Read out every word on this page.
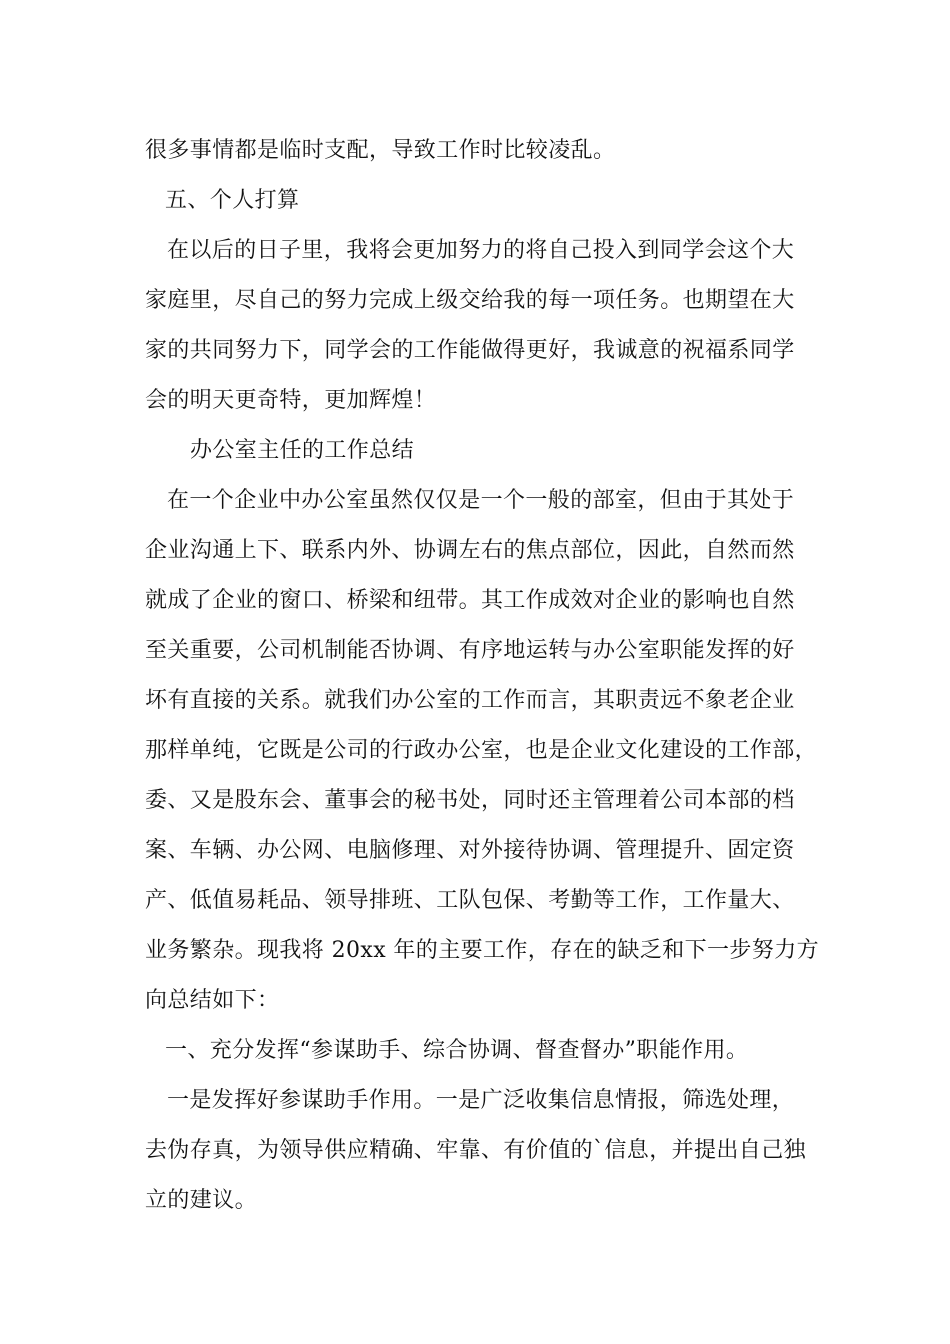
很多事情都是临时支配，导致工作时比较凌乱。
五、个人打算
在以后的日子里，我将会更加努力的将自己投入到同学会这个大
家庭里，尽自己的努力完成上级交给我的每一项任务。也期望在大
家的共同努力下，同学会的工作能做得更好，我诚意的祝福系同学
会的明天更奇特，更加辉煌！
办公室主任的工作总结
在一个企业中办公室虽然仅仅是一个一般的部室，但由于其处于
企业沟通上下、联系内外、协调左右的焦点部位，因此，自然而然
就成了企业的窗口、桥梁和纽带。其工作成效对企业的影响也自然
至关重要，公司机制能否协调、有序地运转与办公室职能发挥的好
坏有直接的关系。就我们办公室的工作而言，其职责远不象老企业
那样单纯，它既是公司的行政办公室，也是企业文化建设的工作部，
委、又是股东会、董事会的秘书处，同时还主管理着公司本部的档
案、车辆、办公网、电脑修理、对外接待协调、管理提升、固定资
产、低值易耗品、领导排班、工队包保、考勤等工作，工作量大、
业务繁杂。现我将 20xx 年的主要工作，存在的缺乏和下一步努力方
向总结如下：
一、充分发挥“参谋助手、综合协调、督查督办”职能作用。
一是发挥好参谋助手作用。一是广泛收集信息情报，筛选处理，
去伪存真，为领导供应精确、牢靠、有价值的`信息，并提出自己独
立的建议。
